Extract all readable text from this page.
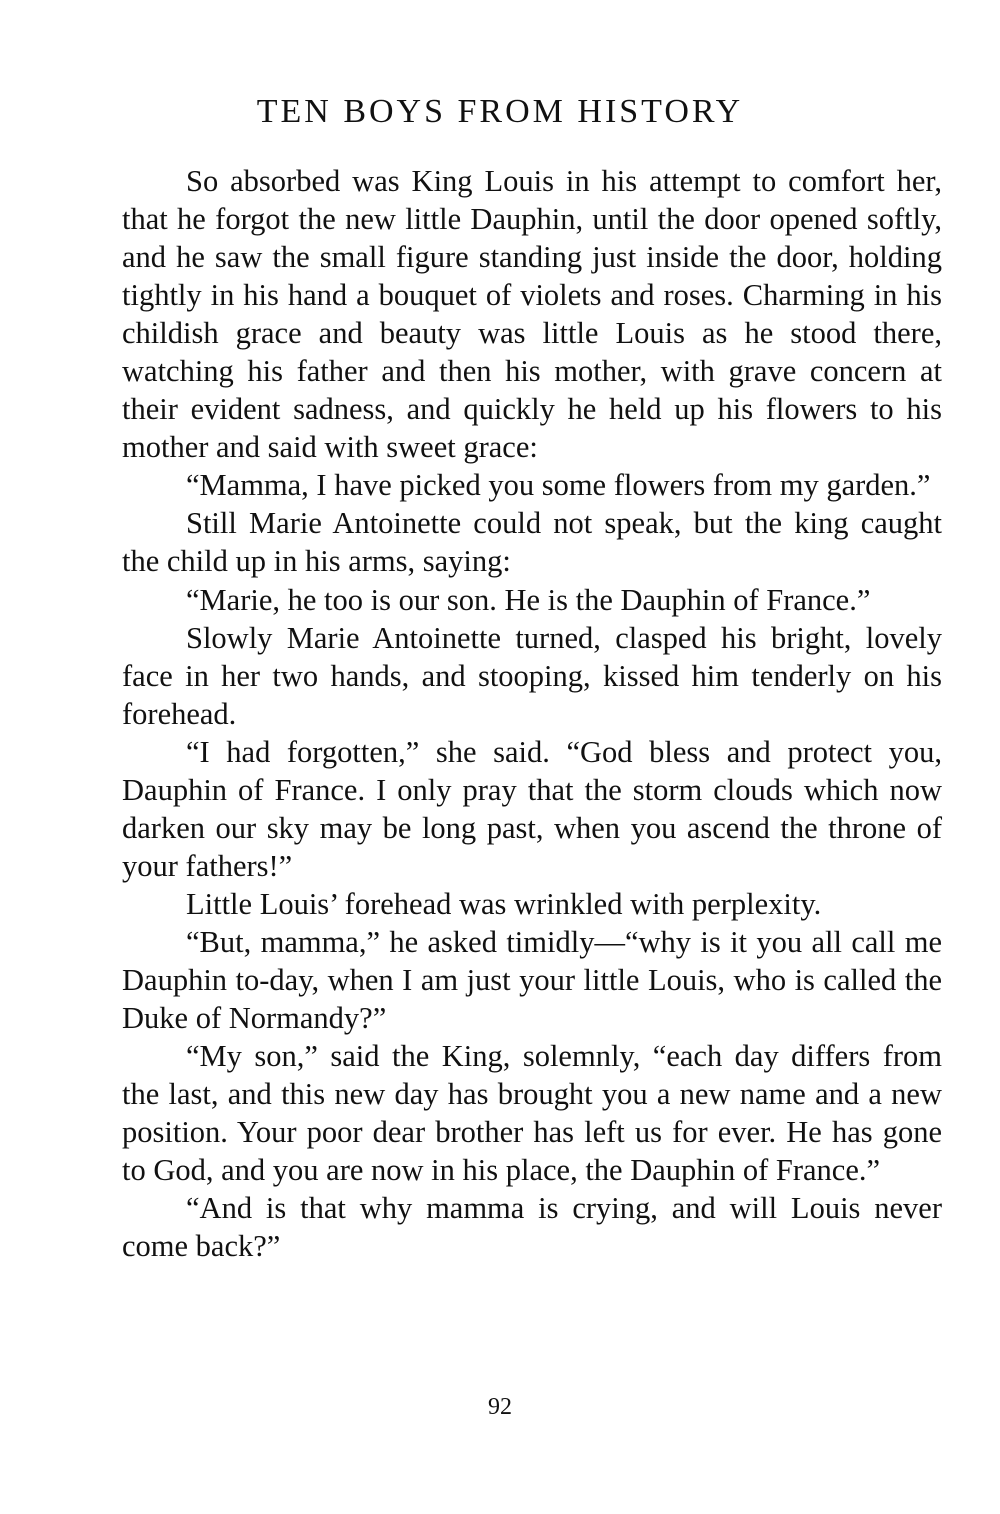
TEN BOYS FROM HISTORY

So absorbed was King Louis in his attempt to comfort her, that he forgot the new little Dauphin, until the door opened softly, and he saw the small figure standing just inside the door, holding tightly in his hand a bouquet of violets and roses. Charming in his childish grace and beauty was little Louis as he stood there, watching his father and then his mother, with grave concern at their evident sadness, and quickly he held up his flowers to his mother and said with sweet grace:

“Mamma, I have picked you some flowers from my garden.”

Still Marie Antoinette could not speak, but the king caught the child up in his arms, saying:

“Marie, he too is our son. He is the Dauphin of France.”

Slowly Marie Antoinette turned, clasped his bright, lovely face in her two hands, and stooping, kissed him tenderly on his forehead.

“I had forgotten,” she said. “God bless and protect you, Dauphin of France. I only pray that the storm clouds which now darken our sky may be long past, when you ascend the throne of your fathers!”

Little Louis’ forehead was wrinkled with perplexity.

“But, mamma,” he asked timidly—“why is it you all call me Dauphin to-day, when I am just your little Louis, who is called the Duke of Normandy?”

“My son,” said the King, solemnly, “each day differs from the last, and this new day has brought you a new name and a new position. Your poor dear brother has left us for ever. He has gone to God, and you are now in his place, the Dauphin of France.”

“And is that why mamma is crying, and will Louis never come back?”

92
